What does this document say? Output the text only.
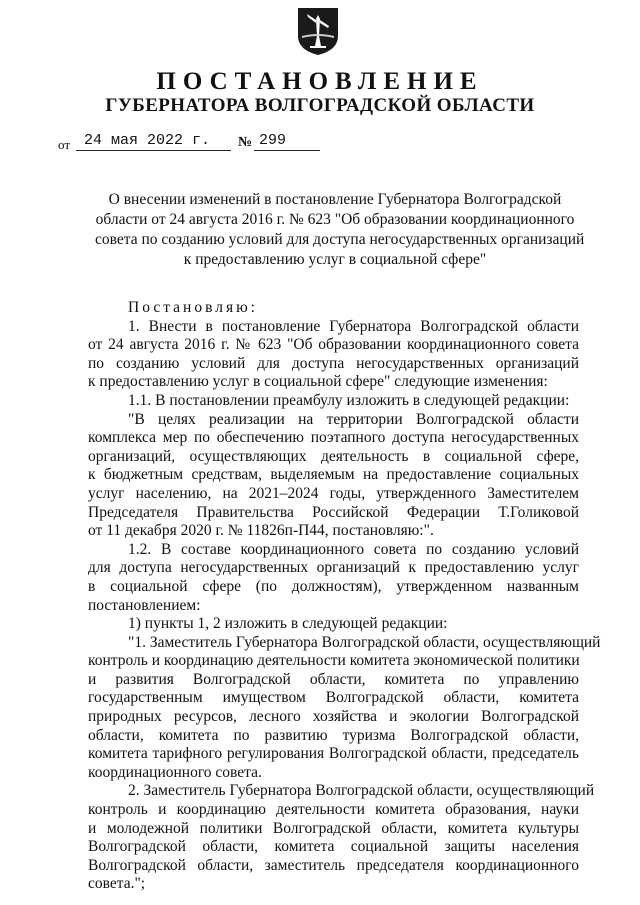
ПОСТАНОВЛЕНИЕ
ГУБЕРНАТОРА ВОЛГОГРАДСКОЙ ОБЛАСТИ
от 24 мая 2022 г. № 299
О внесении изменений в постановление Губернатора Волгоградской
области от 24 августа 2016 г. № 623 "Об образовании координационного
совета по созданию условий для доступа негосударственных организаций
к предоставлению услуг в социальной сфере"
Постановляю:
1. Внести в постановление Губернатора Волгоградской области
от 24 августа 2016 г. № 623 "Об образовании координационного совета
по созданию условий для доступа негосударственных организаций
к предоставлению услуг в социальной сфере" следующие изменения:
1.1. В постановлении преамбулу изложить в следующей редакции:
"В целях реализации на территории Волгоградской области
комплекса мер по обеспечению поэтапного доступа негосударственных
организаций, осуществляющих деятельность в социальной сфере,
к бюджетным средствам, выделяемым на предоставление социальных
услуг населению, на 2021–2024 годы, утвержденного Заместителем
Председателя Правительства Российской Федерации Т.Голиковой
от 11 декабря 2020 г. № 11826п-П44, постановляю:".
1.2. В составе координационного совета по созданию условий
для доступа негосударственных организаций к предоставлению услуг
в социальной сфере (по должностям), утвержденном названным
постановлением:
1) пункты 1, 2 изложить в следующей редакции:
"1. Заместитель Губернатора Волгоградской области, осуществляющий
контроль и координацию деятельности комитета экономической политики
и развития Волгоградской области, комитета по управлению
государственным имуществом Волгоградской области, комитета
природных ресурсов, лесного хозяйства и экологии Волгоградской
области, комитета по развитию туризма Волгоградской области,
комитета тарифного регулирования Волгоградской области, председатель
координационного совета.
2. Заместитель Губернатора Волгоградской области, осуществляющий
контроль и координацию деятельности комитета образования, науки
и молодежной политики Волгоградской области, комитета культуры
Волгоградской области, комитета социальной защиты населения
Волгоградской области, заместитель председателя координационного
совета.";
